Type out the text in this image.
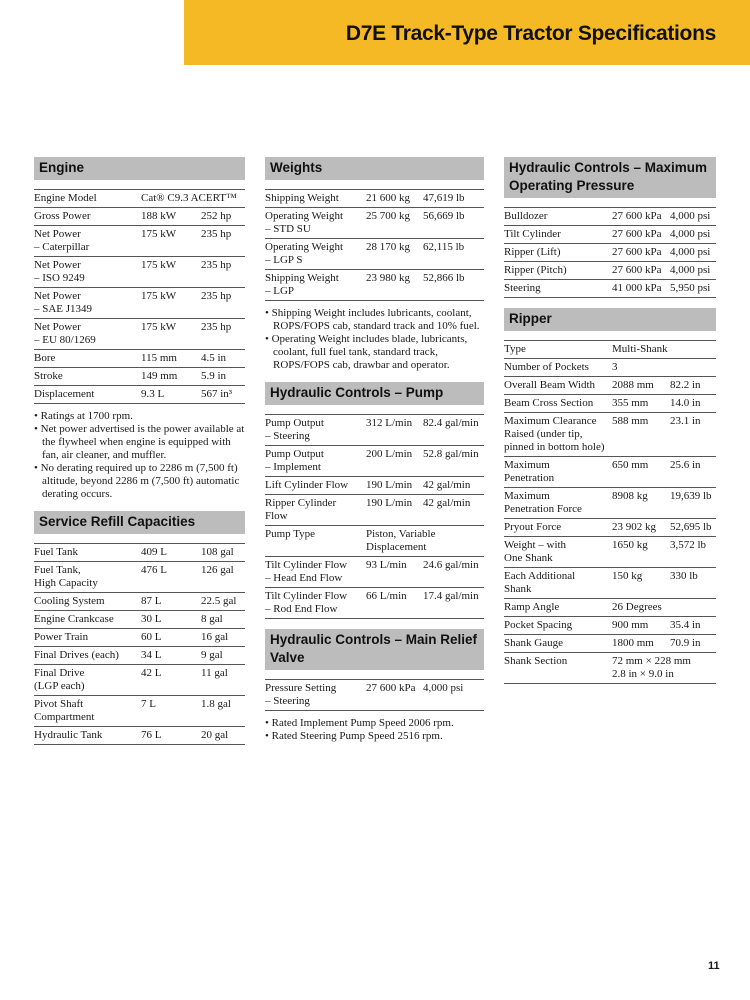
D7E Track-Type Tractor Specifications
Engine
Engine Model	Cat® C9.3 ACERT™	
Gross Power	188 kW	252 hp
Net Power
– Caterpillar	175 kW	235 hp
Net Power
– ISO 9249	175 kW	235 hp
Net Power
– SAE J1349	175 kW	235 hp
Net Power
– EU 80/1269	175 kW	235 hp
Bore	115 mm	4.5 in
Stroke	149 mm	5.9 in
Displacement	9.3 L	567 in³
• Ratings at 1700 rpm.
• Net power advertised is the power available at the flywheel when engine is equipped with fan, air cleaner, and muffler.
• No derating required up to 2286 m (7,500 ft) altitude, beyond 2286 m (7,500 ft) automatic derating occurs.
Service Refill Capacities
Fuel Tank	409 L	108 gal
Fuel Tank,
High Capacity	476 L	126 gal
Cooling System	87 L	22.5 gal
Engine Crankcase	30 L	8 gal
Power Train	60 L	16 gal
Final Drives (each)	34 L	9 gal
Final Drive
(LGP each)	42 L	11 gal
Pivot Shaft
Compartment	7 L	1.8 gal
Hydraulic Tank	76 L	20 gal
Weights
Shipping Weight	21 600 kg	47,619 lb
Operating Weight
– STD SU	25 700 kg	56,669 lb
Operating Weight
– LGP S	28 170 kg	62,115 lb
Shipping Weight
– LGP	23 980 kg	52,866 lb
• Shipping Weight includes lubricants, coolant, ROPS/FOPS cab, standard track and 10% fuel.
• Operating Weight includes blade, lubricants, coolant, full fuel tank, standard track, ROPS/FOPS cab, drawbar and operator.
Hydraulic Controls – Pump
Pump Output
– Steering	312 L/min	82.4 gal/min
Pump Output
– Implement	200 L/min	52.8 gal/min
Lift Cylinder Flow	190 L/min	42 gal/min
Ripper Cylinder
Flow	190 L/min	42 gal/min
Pump Type	Piston, Variable Displacement	
Tilt Cylinder Flow
– Head End Flow	93 L/min	24.6 gal/min
Tilt Cylinder Flow
– Rod End Flow	66 L/min	17.4 gal/min
Hydraulic Controls – Main Relief Valve
Pressure Setting
– Steering	27 600 kPa	4,000 psi
• Rated Implement Pump Speed 2006 rpm.
• Rated Steering Pump Speed 2516 rpm.
Hydraulic Controls – Maximum Operating Pressure
Bulldozer	27 600 kPa	4,000 psi
Tilt Cylinder	27 600 kPa	4,000 psi
Ripper (Lift)	27 600 kPa	4,000 psi
Ripper (Pitch)	27 600 kPa	4,000 psi
Steering	41 000 kPa	5,950 psi
Ripper
Type	Multi-Shank	
Number of Pockets	3	
Overall Beam Width	2088 mm	82.2 in
Beam Cross Section	355 mm	14.0 in
Maximum Clearance Raised (under tip, pinned in bottom hole)	588 mm	23.1 in
Maximum
Penetration	650 mm	25.6 in
Maximum
Penetration Force	8908 kg	19,639 lb
Pryout Force	23 902 kg	52,695 lb
Weight – with
One Shank	1650 kg	3,572 lb
Each Additional
Shank	150 kg	330 lb
Ramp Angle	26 Degrees	
Pocket Spacing	900 mm	35.4 in
Shank Gauge	1800 mm	70.9 in
Shank Section	72 mm × 228 mm
2.8 in × 9.0 in	
11
